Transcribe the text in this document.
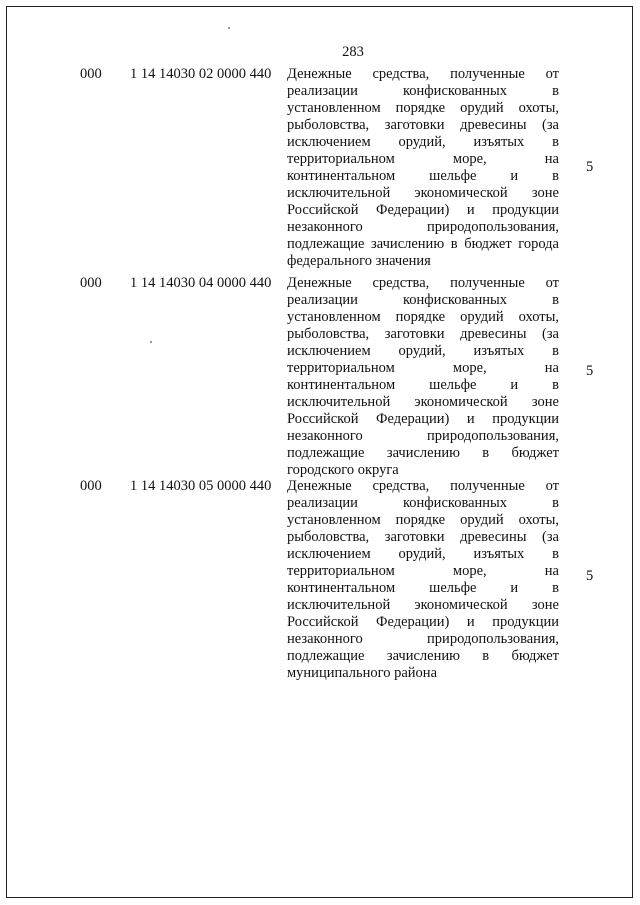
283
000	1 14 14030 02 0000 440	Денежные средства, полученные от
реализации конфискованных в
установленном порядке орудий охоты,
рыболовства, заготовки древесины (за
исключением орудий, изъятых в
территориальном море, на
континентальном шельфе и в
исключительной экономической зоне
Российской Федерации) и продукции
незаконного природопользования,
подлежащие зачислению в бюджет города
федерального значения
5
000	1 14 14030 04 0000 440	Денежные средства, полученные от
реализации конфискованных в
установленном порядке орудий охоты,
рыболовства, заготовки древесины (за
исключением орудий, изъятых в
территориальном море, на
континентальном шельфе и в
исключительной экономической зоне
Российской Федерации) и продукции
незаконного природопользования,
подлежащие зачислению в бюджет
городского округа
5
000	1 14 14030 05 0000 440	Денежные средства, полученные от
реализации конфискованных в
установленном порядке орудий охоты,
рыболовства, заготовки древесины (за
исключением орудий, изъятых в
территориальном море, на
континентальном шельфе и в
исключительной экономической зоне
Российской Федерации) и продукции
незаконного природопользования,
подлежащие зачислению в бюджет
муниципального района
5
